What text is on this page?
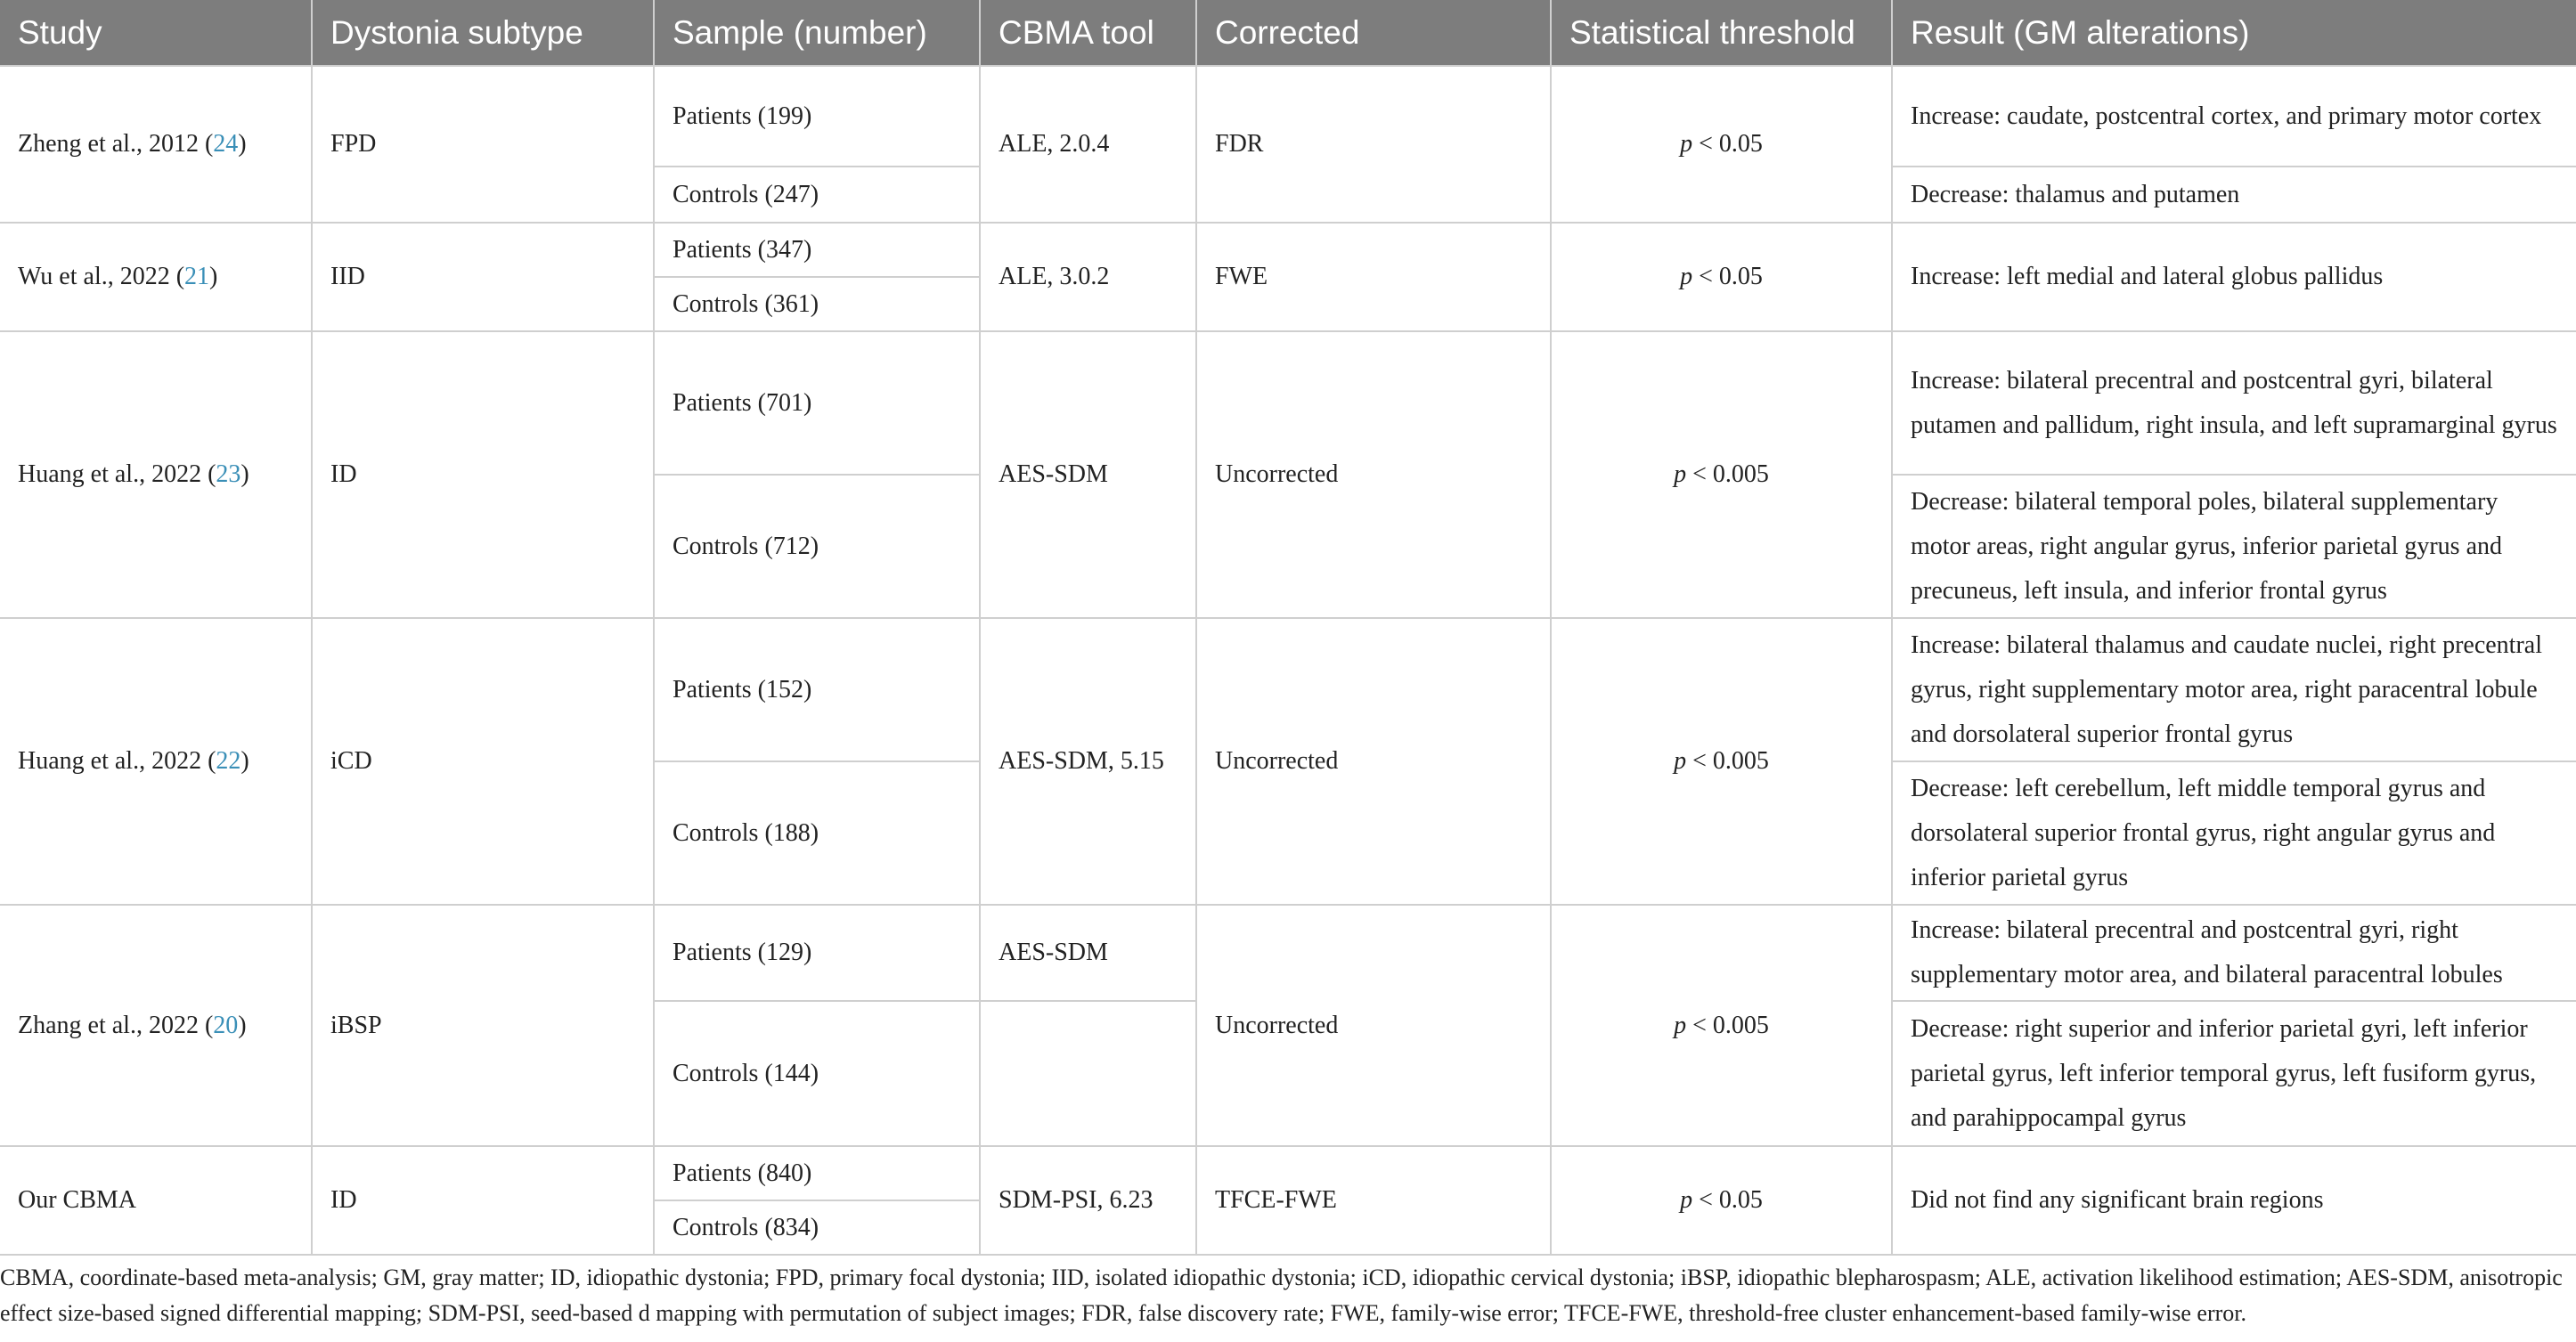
Study	Dystonia subtype	Sample (number)	CBMA tool	Corrected	Statistical threshold	Result (GM alterations)
Zheng et al., 2012 (24)	FPD	Patients (199)	ALE, 2.0.4	FDR	p < 0.05	Increase: caudate, postcentral cortex, and primary motor cortex
		Controls (247)				Decrease: thalamus and putamen
Wu et al., 2022 (21)	IID	Patients (347)	ALE, 3.0.2	FWE	p < 0.05	Increase: left medial and lateral globus pallidus
		Controls (361)				
Huang et al., 2022 (23)	ID	Patients (701)	AES-SDM	Uncorrected	p < 0.005	Increase: bilateral precentral and postcentral gyri, bilateral putamen and pallidum, right insula, and left supramarginal gyrus
		Controls (712)				Decrease: bilateral temporal poles, bilateral supplementary motor areas, right angular gyrus, inferior parietal gyrus and precuneus, left insula, and inferior frontal gyrus
Huang et al., 2022 (22)	iCD	Patients (152)	AES-SDM, 5.15	Uncorrected	p < 0.005	Increase: bilateral thalamus and caudate nuclei, right precentral gyrus, right supplementary motor area, right paracentral lobule and dorsolateral superior frontal gyrus
		Controls (188)				Decrease: left cerebellum, left middle temporal gyrus and dorsolateral superior frontal gyrus, right angular gyrus and inferior parietal gyrus
Zhang et al., 2022 (20)	iBSP	Patients (129)	AES-SDM	Uncorrected	p < 0.005	Increase: bilateral precentral and postcentral gyri, right supplementary motor area, and bilateral paracentral lobules
		Controls (144)				Decrease: right superior and inferior parietal gyri, left inferior parietal gyrus, left inferior temporal gyrus, left fusiform gyrus, and parahippocampal gyrus
Our CBMA	ID	Patients (840)	SDM-PSI, 6.23	TFCE-FWE	p < 0.05	Did not find any significant brain regions
		Controls (834)				
CBMA, coordinate-based meta-analysis; GM, gray matter; ID, idiopathic dystonia; FPD, primary focal dystonia; IID, isolated idiopathic dystonia; iCD, idiopathic cervical dystonia; iBSP, idiopathic blepharospasm; ALE, activation likelihood estimation; AES-SDM, anisotropic effect size-based signed differential mapping; SDM-PSI, seed-based d mapping with permutation of subject images; FDR, false discovery rate; FWE, family-wise error; TFCE-FWE, threshold-free cluster enhancement-based family-wise error.
